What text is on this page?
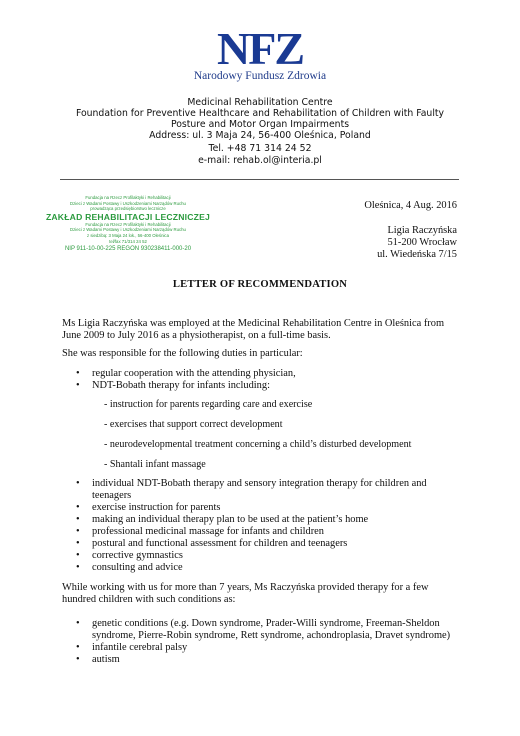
NFZ
Narodowy Fundusz Zdrowia
Medicinal Rehabilitation Centre
Foundation for Preventive Healthcare and Rehabilitation of Children with Faulty
Posture and Motor Organ Impairments
Address: ul. 3 Maja 24, 56-400 Oleśnica, Poland
Tel. +48 71 314 24 52
e-mail: rehab.ol@interia.pl
Fundacja na Rzecz Profilaktyki i Rehabilitacji
Dzieci z Wadami Postawy i Uszkodzeniami Narządów Ruchu
prowadząca przedsiębiorstwo lecznicze
ZAKŁAD REHABILITACJI LECZNICZEJ
Fundacja na Rzecz Profilaktyki i Rehabilitacji
Dzieci z Wadami Postawy i Uszkodzeniami Narządów Ruchu
z siedzibą: 3 Maja 24 lok., 56-400 Oleśnica
tel/fax 71/314 24 52
NIP 911-10-00-225 REGON 930238411-000-20
Oleśnica, 4 Aug. 2016
Ligia Raczyńska
51-200 Wrocław
ul. Wiedeńska 7/15
LETTER OF RECOMMENDATION
Ms Ligia Raczyńska was employed at the Medicinal Rehabilitation Centre in Oleśnica from June 2009 to July 2016 as a physiotherapist, on a full-time basis.
She was responsible for the following duties in particular:
• regular cooperation with the attending physician,
• NDT-Bobath therapy for infants including:
- instruction for parents regarding care and exercise
- exercises that support correct development
- neurodevelopmental treatment concerning a child’s disturbed development
- Shantali infant massage
• individual NDT-Bobath therapy and sensory integration therapy for children and teenagers
• exercise instruction for parents
• making an individual therapy plan to be used at the patient’s home
• professional medicinal massage for infants and children
• postural and functional assessment for children and teenagers
• corrective gymnastics
• consulting and advice
While working with us for more than 7 years, Ms Raczyńska provided therapy for a few hundred children with such conditions as:
• genetic conditions (e.g. Down syndrome, Prader-Willi syndrome, Freeman-Sheldon syndrome, Pierre-Robin syndrome, Rett syndrome, achondroplasia, Dravet syndrome)
• infantile cerebral palsy
• autism
